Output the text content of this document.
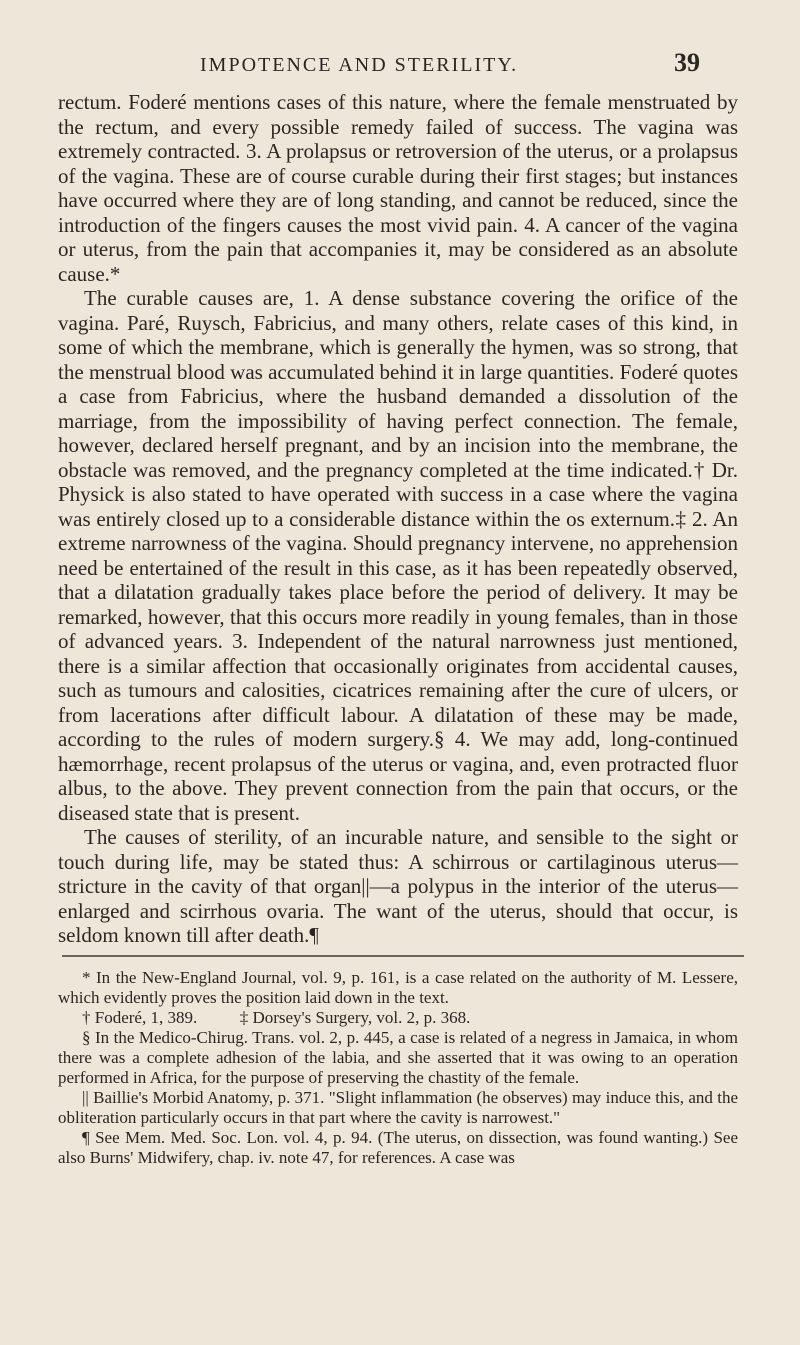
IMPOTENCE AND STERILITY.	39

rectum. Foderé mentions cases of this nature, where the female menstruated by the rectum, and every possible remedy failed of success. The vagina was extremely contracted. 3. A prolapsus or retroversion of the uterus, or a prolapsus of the vagina. These are of course curable during their first stages; but instances have occurred where they are of long standing, and cannot be reduced, since the introduction of the fingers causes the most vivid pain. 4. A cancer of the vagina or uterus, from the pain that accompanies it, may be considered as an absolute cause.*

The curable causes are, 1. A dense substance covering the orifice of the vagina. Paré, Ruysch, Fabricius, and many others, relate cases of this kind, in some of which the membrane, which is generally the hymen, was so strong, that the menstrual blood was accumulated behind it in large quantities. Foderé quotes a case from Fabricius, where the husband demanded a dissolution of the marriage, from the impossibility of having perfect connection. The female, however, declared herself pregnant, and by an incision into the membrane, the obstacle was removed, and the pregnancy completed at the time indicated.† Dr. Physick is also stated to have operated with success in a case where the vagina was entirely closed up to a considerable distance within the os externum.‡ 2. An extreme narrowness of the vagina. Should pregnancy intervene, no apprehension need be entertained of the result in this case, as it has been repeatedly observed, that a dilatation gradually takes place before the period of delivery. It may be remarked, however, that this occurs more readily in young females, than in those of advanced years. 3. Independent of the natural narrowness just mentioned, there is a similar affection that occasionally originates from accidental causes, such as tumours and calosities, cicatrices remaining after the cure of ulcers, or from lacerations after difficult labour. A dilatation of these may be made, according to the rules of modern surgery.§ 4. We may add, long-continued hæmorrhage, recent prolapsus of the uterus or vagina, and, even protracted fluor albus, to the above. They prevent connection from the pain that occurs, or the diseased state that is present.

The causes of sterility, of an incurable nature, and sensible to the sight or touch during life, may be stated thus: A schirrous or cartilaginous uterus—stricture in the cavity of that organ||—a polypus in the interior of the uterus—enlarged and scirrhous ovaria. The want of the uterus, should that occur, is seldom known till after death.¶

* In the New-England Journal, vol. 9, p. 161, is a case related on the authority of M. Lessere, which evidently proves the position laid down in the text.

† Foderé, 1, 389.          ‡ Dorsey's Surgery, vol. 2, p. 368.

§ In the Medico-Chirug. Trans. vol. 2, p. 445, a case is related of a negress in Jamaica, in whom there was a complete adhesion of the labia, and she asserted that it was owing to an operation performed in Africa, for the purpose of preserving the chastity of the female.

|| Baillie's Morbid Anatomy, p. 371. "Slight inflammation (he observes) may induce this, and the obliteration particularly occurs in that part where the cavity is narrowest."

¶ See Mem. Med. Soc. Lon. vol. 4, p. 94. (The uterus, on dissection, was found wanting.) See also Burns' Midwifery, chap. iv. note 47, for references. A case was
